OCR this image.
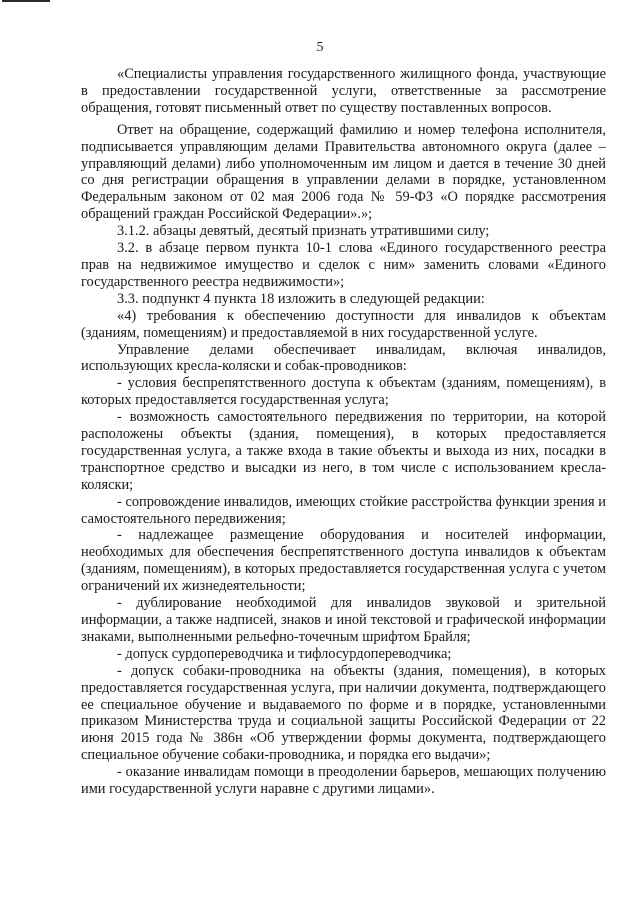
5

«Специалисты управления государственного жилищного фонда, участвующие в предоставлении государственной услуги, ответственные за рассмотрение обращения, готовят письменный ответ по существу поставленных вопросов.

Ответ на обращение, содержащий фамилию и номер телефона исполнителя, подписывается управляющим делами Правительства автономного округа (далее – управляющий делами) либо уполномоченным им лицом и дается в течение 30 дней со дня регистрации обращения в управлении делами в порядке, установленном Федеральным законом от 02 мая 2006 года № 59-ФЗ «О порядке рассмотрения обращений граждан Российской Федерации».»;

3.1.2. абзацы девятый, десятый признать утратившими силу;

3.2. в абзаце первом пункта 10-1 слова «Единого государственного реестра прав на недвижимое имущество и сделок с ним» заменить словами «Единого государственного реестра недвижимости»;

3.3. подпункт 4 пункта 18 изложить в следующей редакции:

«4) требования к обеспечению доступности для инвалидов к объектам (зданиям, помещениям) и предоставляемой в них государственной услуге.

Управление делами обеспечивает инвалидам, включая инвалидов, использующих кресла-коляски и собак-проводников:

- условия беспрепятственного доступа к объектам (зданиям, помещениям), в которых предоставляется государственная услуга;

- возможность самостоятельного передвижения по территории, на которой расположены объекты (здания, помещения), в которых предоставляется государственная услуга, а также входа в такие объекты и выхода из них, посадки в транспортное средство и высадки из него, в том числе с использованием кресла-коляски;

- сопровождение инвалидов, имеющих стойкие расстройства функции зрения и самостоятельного передвижения;

- надлежащее размещение оборудования и носителей информации, необходимых для обеспечения беспрепятственного доступа инвалидов к объектам (зданиям, помещениям), в которых предоставляется государственная услуга с учетом ограничений их жизнедеятельности;

- дублирование необходимой для инвалидов звуковой и зрительной информации, а также надписей, знаков и иной текстовой и графической информации знаками, выполненными рельефно-точечным шрифтом Брайля;

- допуск сурдопереводчика и тифлосурдопереводчика;

- допуск собаки-проводника на объекты (здания, помещения), в которых предоставляется государственная услуга, при наличии документа, подтверждающего ее специальное обучение и выдаваемого по форме и в порядке, установленными приказом Министерства труда и социальной защиты Российской Федерации от 22 июня 2015 года № 386н «Об утверждении формы документа, подтверждающего специальное обучение собаки-проводника, и порядка его выдачи»;

- оказание инвалидам помощи в преодолении барьеров, мешающих получению ими государственной услуги наравне с другими лицами».
